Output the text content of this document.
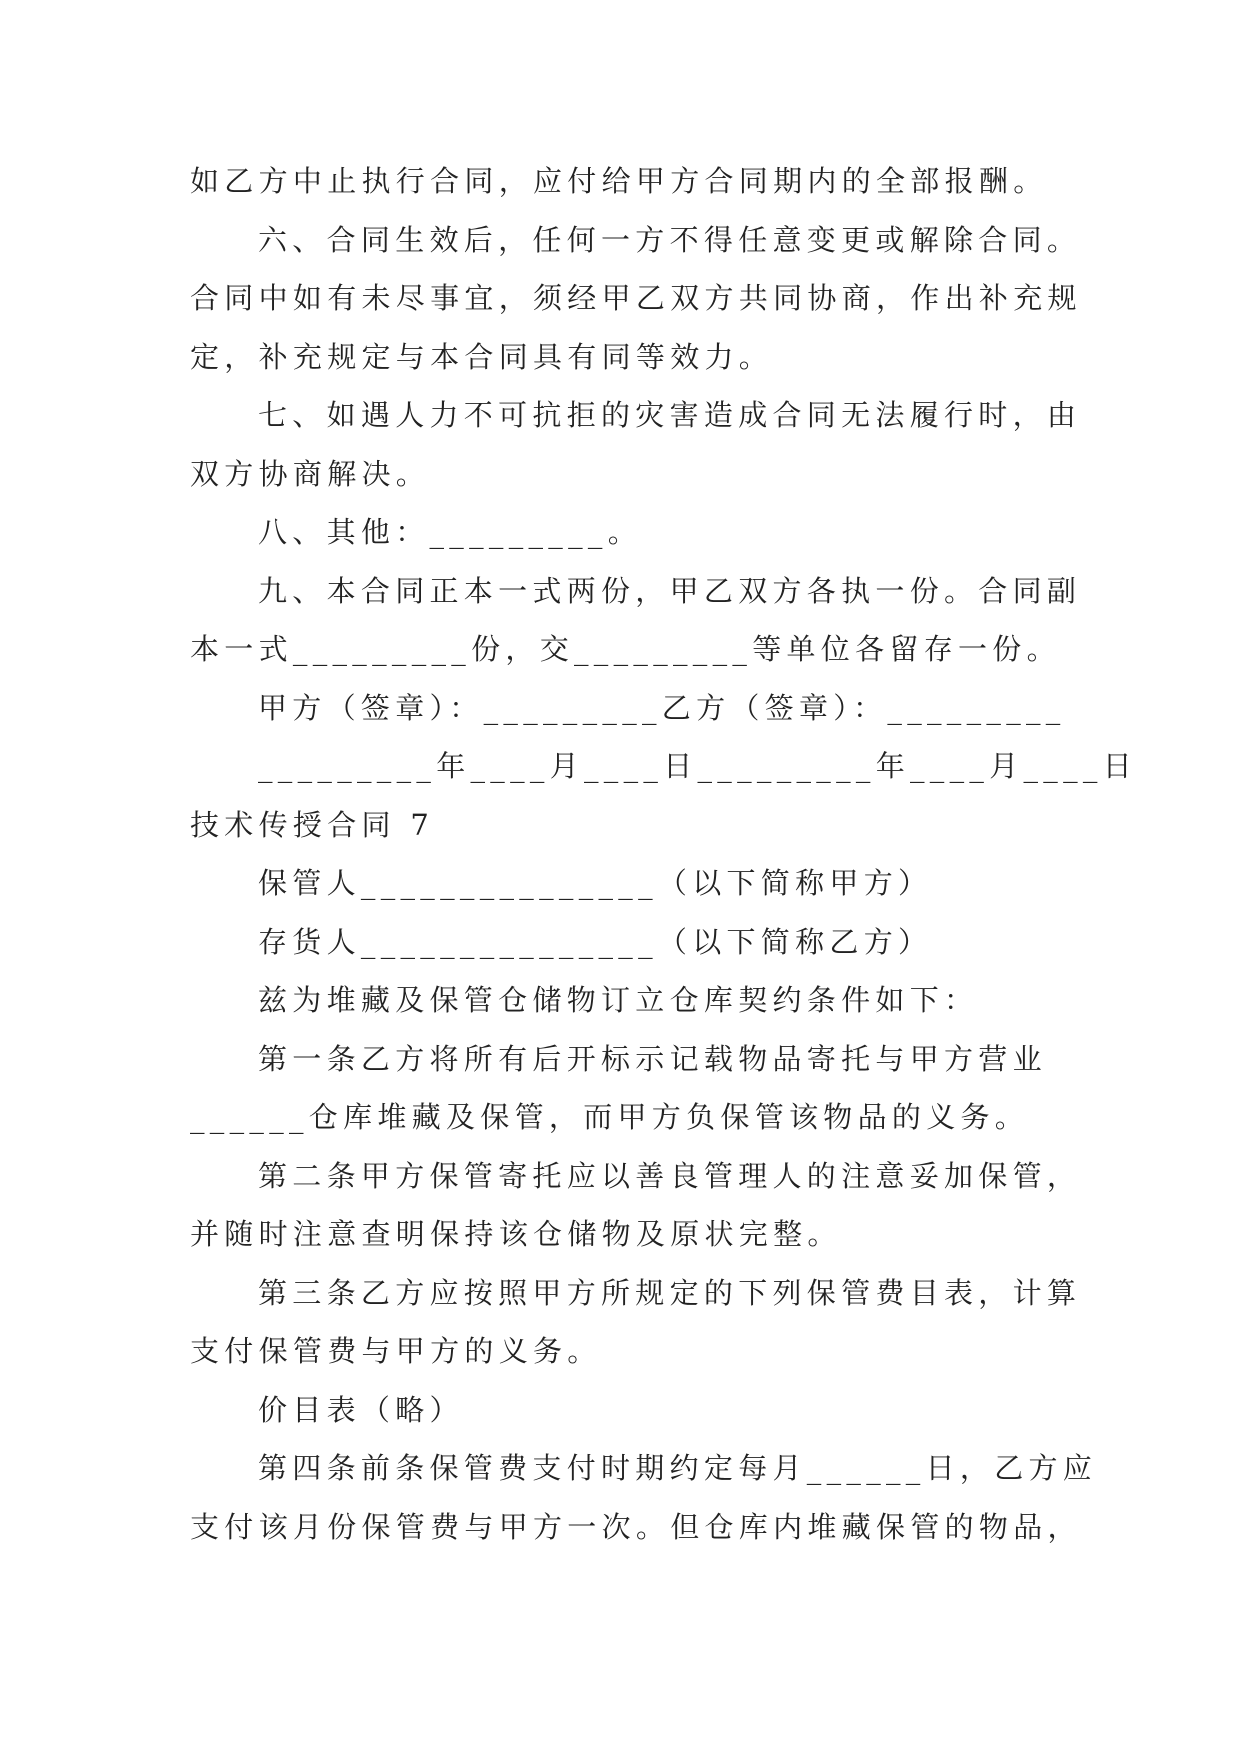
如乙方中止执行合同，应付给甲方合同期内的全部报酬。
六、合同生效后，任何一方不得任意变更或解除合同。
合同中如有未尽事宜，须经甲乙双方共同协商，作出补充规
定，补充规定与本合同具有同等效力。
七、如遇人力不可抗拒的灾害造成合同无法履行时，由
双方协商解决。
八、其他：_________。
九、本合同正本一式两份，甲乙双方各执一份。合同副
本一式_________份，交_________等单位各留存一份。
甲方（签章）：_________乙方（签章）：_________
_________年____月____日_________年____月____日
技术传授合同 7
保管人_______________（以下简称甲方）
存货人_______________（以下简称乙方）
兹为堆藏及保管仓储物订立仓库契约条件如下：
第一条乙方将所有后开标示记载物品寄托与甲方营业
______仓库堆藏及保管，而甲方负保管该物品的义务。
第二条甲方保管寄托应以善良管理人的注意妥加保管，
并随时注意查明保持该仓储物及原状完整。
第三条乙方应按照甲方所规定的下列保管费目表，计算
支付保管费与甲方的义务。
价目表（略）
第四条前条保管费支付时期约定每月______日，乙方应
支付该月份保管费与甲方一次。但仓库内堆藏保管的物品，
